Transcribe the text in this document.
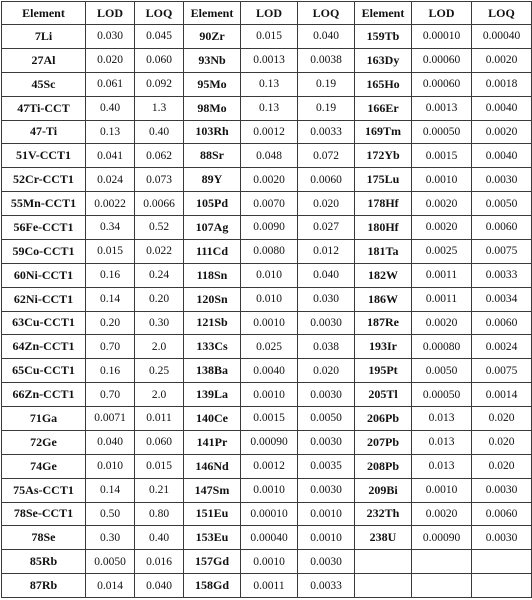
Element	LOD	LOQ	Element	LOD	LOQ	Element	LOD	LOQ
7Li	0.030	0.045	90Zr	0.015	0.040	159Tb	0.00010	0.00040
27Al	0.020	0.060	93Nb	0.0013	0.0038	163Dy	0.00060	0.0020
45Sc	0.061	0.092	95Mo	0.13	0.19	165Ho	0.00060	0.0018
47Ti-CCT	0.40	1.3	98Mo	0.13	0.19	166Er	0.0013	0.0040
47-Ti	0.13	0.40	103Rh	0.0012	0.0033	169Tm	0.00050	0.0020
51V-CCT1	0.041	0.062	88Sr	0.048	0.072	172Yb	0.0015	0.0040
52Cr-CCT1	0.024	0.073	89Y	0.0020	0.0060	175Lu	0.0010	0.0030
55Mn-CCT1	0.0022	0.0066	105Pd	0.0070	0.020	178Hf	0.0020	0.0050
56Fe-CCT1	0.34	0.52	107Ag	0.0090	0.027	180Hf	0.0020	0.0060
59Co-CCT1	0.015	0.022	111Cd	0.0080	0.012	181Ta	0.0025	0.0075
60Ni-CCT1	0.16	0.24	118Sn	0.010	0.040	182W	0.0011	0.0033
62Ni-CCT1	0.14	0.20	120Sn	0.010	0.030	186W	0.0011	0.0034
63Cu-CCT1	0.20	0.30	121Sb	0.0010	0.0030	187Re	0.0020	0.0060
64Zn-CCT1	0.70	2.0	133Cs	0.025	0.038	193Ir	0.00080	0.0024
65Cu-CCT1	0.16	0.25	138Ba	0.0040	0.020	195Pt	0.0050	0.0075
66Zn-CCT1	0.70	2.0	139La	0.0010	0.0030	205Tl	0.00050	0.0014
71Ga	0.0071	0.011	140Ce	0.0015	0.0050	206Pb	0.013	0.020
72Ge	0.040	0.060	141Pr	0.00090	0.0030	207Pb	0.013	0.020
74Ge	0.010	0.015	146Nd	0.0012	0.0035	208Pb	0.013	0.020
75As-CCT1	0.14	0.21	147Sm	0.0010	0.0030	209Bi	0.0010	0.0030
78Se-CCT1	0.50	0.80	151Eu	0.00010	0.0010	232Th	0.0020	0.0060
78Se	0.30	0.40	153Eu	0.00040	0.0010	238U	0.00090	0.0030
85Rb	0.0050	0.016	157Gd	0.0010	0.0030			
87Rb	0.014	0.040	158Gd	0.0011	0.0033			
